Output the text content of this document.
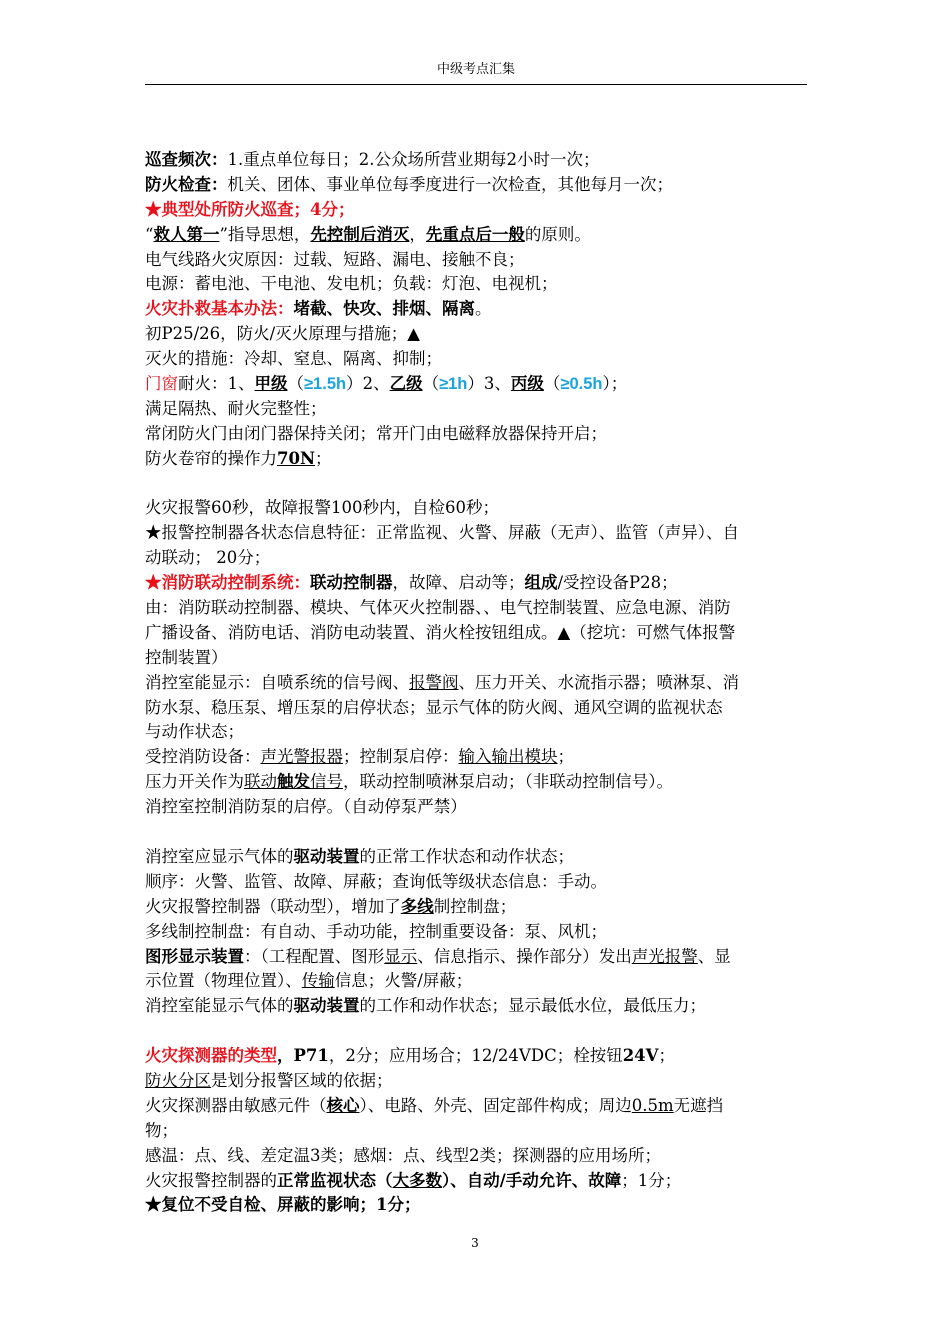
中级考点汇集
巡查频次：1.重点单位每日；2.公众场所营业期每2小时一次；
防火检查：机关、团体、事业单位每季度进行一次检查，其他每月一次；
★典型处所防火巡查；4分；
“救人第一”指导思想，先控制后消灭，先重点后一般的原则。
电气线路火灾原因：过载、短路、漏电、接触不良；
电源：蓄电池、干电池、发电机；负载：灯泡、电视机；
火灾扑救基本办法：堵截、快攻、排烟、隔离。
初P25/26，防火/灭火原理与措施；▲
灭火的措施：冷却、窒息、隔离、抑制；
门窗耐火：1、甲级（≥1.5h）2、乙级（≥1h）3、丙级（≥0.5h）；
满足隔热、耐火完整性；
常闭防火门由闭门器保持关闭；常开门由电磁释放器保持开启；
防火卷帘的操作力70N；
火灾报警60秒，故障报警100秒内，自检60秒；
★报警控制器各状态信息特征：正常监视、火警、屏蔽（无声）、监管（声异）、自
动联动； 20分；
★消防联动控制系统：联动控制器，故障、启动等；组成/受控设备P28；
由：消防联动控制器、模块、气体灭火控制器、、电气控制装置、应急电源、消防
广播设备、消防电话、消防电动装置、消火栓按钮组成。▲（挖坑：可燃气体报警
控制装置）
消控室能显示：自喷系统的信号阀、报警阀、压力开关、水流指示器；喷淋泵、消
防水泵、稳压泵、增压泵的启停状态；显示气体的防火阀、通风空调的监视状态
与动作状态；
受控消防设备：声光警报器；控制泵启停：输入输出模块；
压力开关作为联动触发信号，联动控制喷淋泵启动；（非联动控制信号）。
消控室控制消防泵的启停。（自动停泵严禁）
消控室应显示气体的驱动装置的正常工作状态和动作状态；
顺序：火警、监管、故障、屏蔽；查询低等级状态信息：手动。
火灾报警控制器（联动型），增加了多线制控制盘；
多线制控制盘：有自动、手动功能，控制重要设备：泵、风机；
图形显示装置：（工程配置、图形显示、信息指示、操作部分）发出声光报警、显
示位置（物理位置）、传输信息；火警/屏蔽；
消控室能显示气体的驱动装置的工作和动作状态；显示最低水位，最低压力；
火灾探测器的类型，P71，2分；应用场合；12/24VDC；栓按钮24V；
防火分区是划分报警区域的依据；
火灾探测器由敏感元件（核心）、电路、外壳、固定部件构成；周边0.5m无遮挡
物；
感温：点、线、差定温3类；感烟：点、线型2类；探测器的应用场所；
火灾报警控制器的正常监视状态（大多数）、自动/手动允许、故障；1分；
★复位不受自检、屏蔽的影响；1分；
3
